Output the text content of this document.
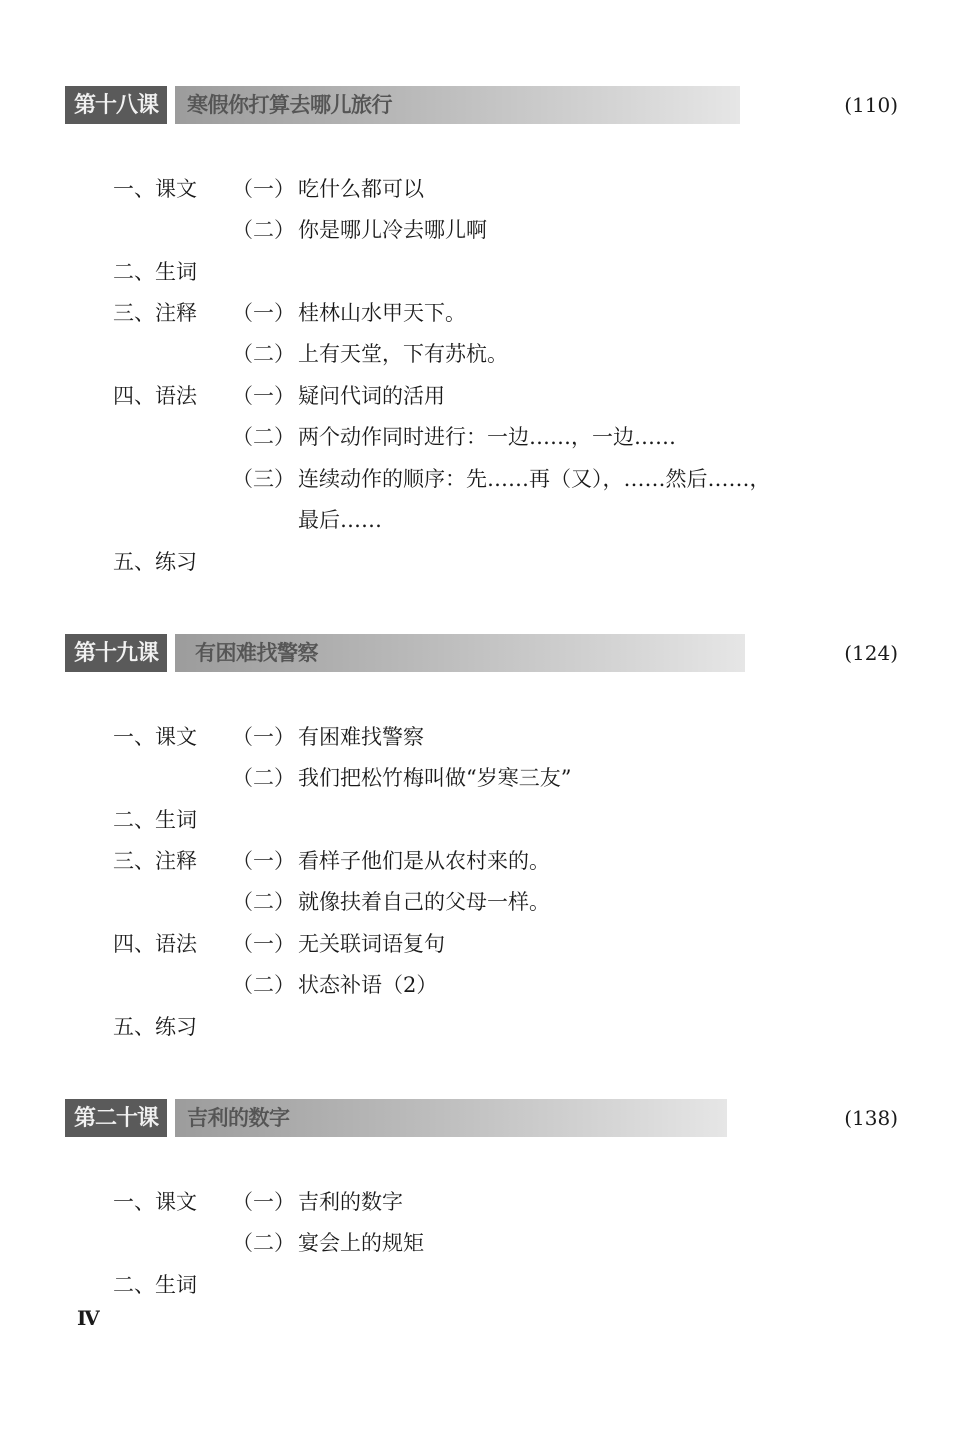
第十八课	寒假你打算去哪儿旅行	(110)
一、课文 （一） 吃什么都可以
（二） 你是哪儿冷去哪儿啊
二、生词
三、注释 （一） 桂林山水甲天下。
（二） 上有天堂，下有苏杭。
四、语法 （一） 疑问代词的活用
（二） 两个动作同时进行：一边……，一边……
（三） 连续动作的顺序：先……再（又），……然后……，
最后……
五、练习
第十九课	有困难找警察	(124)
一、课文 （一） 有困难找警察
（二） 我们把松竹梅叫做“岁寒三友”
二、生词
三、注释 （一） 看样子他们是从农村来的。
（二） 就像扶着自己的父母一样。
四、语法 （一） 无关联词语复句
（二） 状态补语（2）
五、练习
第二十课	吉利的数字	(138)
一、课文 （一） 吉利的数字
（二） 宴会上的规矩
二、生词
Ⅳ
